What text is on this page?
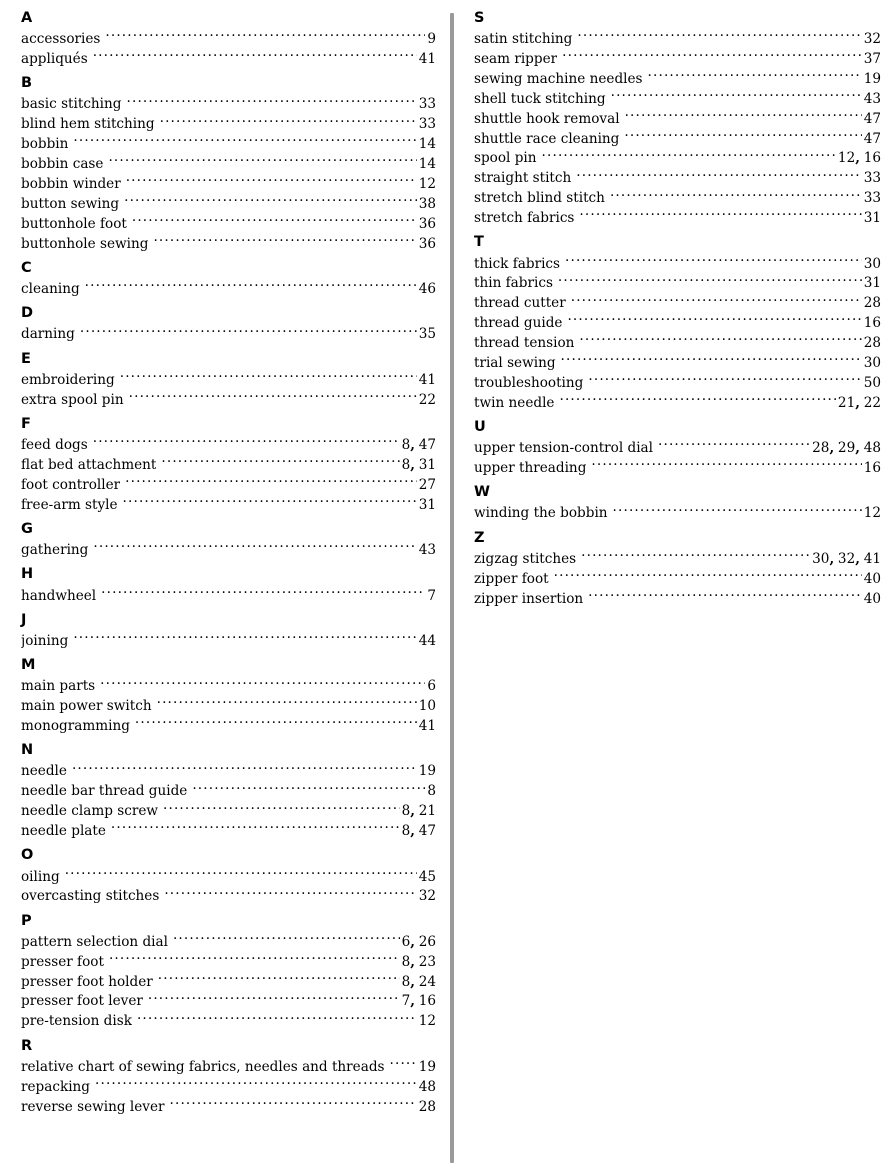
A
accessories .....	9
appliqués .....	41
B
basic stitching .....	33
blind hem stitching .....	33
bobbin .....	14
bobbin case .....	14
bobbin winder .....	12
button sewing .....	38
buttonhole foot .....	36
buttonhole sewing .....	36
C
cleaning .....	46
D
darning .....	35
E
embroidering .....	41
extra spool pin .....	22
F
feed dogs .....	8, 47
flat bed attachment .....	8, 31
foot controller .....	27
free-arm style .....	31
G
gathering .....	43
H
handwheel .....	7
J
joining .....	44
M
main parts .....	6
main power switch .....	10
monogramming .....	41
N
needle .....	19
needle bar thread guide .....	8
needle clamp screw .....	8, 21
needle plate .....	8, 47
O
oiling .....	45
overcasting stitches .....	32
P
pattern selection dial .....	6, 26
presser foot .....	8, 23
presser foot holder .....	8, 24
presser foot lever .....	7, 16
pre-tension disk .....	12
R
relative chart of sewing fabrics, needles and threads .....	19
repacking .....	48
reverse sewing lever .....	28
S
satin stitching .....	32
seam ripper .....	37
sewing machine needles .....	19
shell tuck stitching .....	43
shuttle hook removal .....	47
shuttle race cleaning .....	47
spool pin .....	12, 16
straight stitch .....	33
stretch blind stitch .....	33
stretch fabrics .....	31
T
thick fabrics .....	30
thin fabrics .....	31
thread cutter .....	28
thread guide .....	16
thread tension .....	28
trial sewing .....	30
troubleshooting .....	50
twin needle .....	21, 22
U
upper tension-control dial .....	28, 29, 48
upper threading .....	16
W
winding the bobbin .....	12
Z
zigzag stitches .....	30, 32, 41
zipper foot .....	40
zipper insertion .....	40
